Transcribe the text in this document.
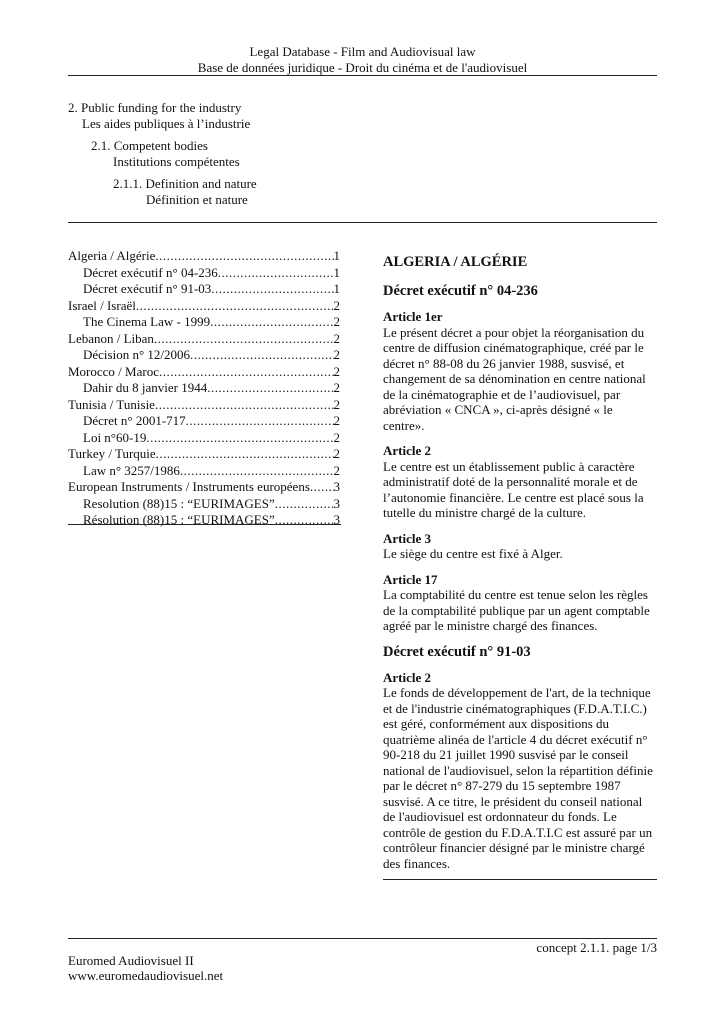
Legal Database - Film and Audiovisual law
Base de données juridique - Droit du cinéma et de l'audiovisuel
2. Public funding for the industry
Les aides publiques à l’industrie
2.1. Competent bodies
Institutions compétentes
2.1.1. Definition and nature
Définition et nature
Algeria / Algérie .....	1
Décret exécutif n° 04-236 .....	1
Décret exécutif n° 91-03 .....	1
Israel / Israël .....	2
The Cinema Law - 1999 .....	2
Lebanon / Liban .....	2
Décision n° 12/2006 .....	2
Morocco / Maroc .....	2
Dahir du 8 janvier 1944 .....	2
Tunisia / Tunisie .....	2
Décret n° 2001-717 .....	2
Loi n°60-19 .....	2
Turkey / Turquie .....	2
Law n° 3257/1986 .....	2
European Instruments / Instruments européens ..... 3
Resolution (88)15 : “EURIMAGES” .....	3
Résolution (88)15 : “EURIMAGES” .....	3
ALGERIA / ALGÉRIE
Décret exécutif n° 04-236
Article 1er
Le présent décret a pour objet la réorganisation du centre de diffusion cinématographique, créé par le décret n° 88-08 du 26 janvier 1988, susvisé, et changement de sa dénomination en centre national de la cinématographie et de l’audiovisuel, par abréviation « CNCA », ci-après désigné « le centre».
Article 2
Le centre est un établissement public à caractère administratif doté de la personnalité morale et de l’autonomie financière. Le centre est placé sous la tutelle du ministre chargé de la culture.
Article 3
Le siège du centre est fixé à Alger.
Article 17
La comptabilité du centre est tenue selon les règles de la comptabilité publique par un agent comptable agréé par le ministre chargé des finances.
Décret exécutif n° 91-03
Article 2
Le fonds de développement de l'art, de la technique et de l'industrie cinématographiques (F.D.A.T.I.C.) est géré, conformément aux dispositions du quatrième alinéa de l'article 4 du décret exécutif n° 90-218 du 21 juillet 1990 susvisé par le conseil national de l'audiovisuel, selon la répartition définie par le décret n° 87-279 du 15 septembre 1987 susvisé. A ce titre, le président du conseil national de l'audiovisuel est ordonnateur du fonds. Le contrôle de gestion du F.D.A.T.I.C est assuré par un contrôleur financier désigné par le ministre chargé des finances.
concept 2.1.1. page 1/3
Euromed Audiovisuel II
www.euromedaudiovisuel.net
